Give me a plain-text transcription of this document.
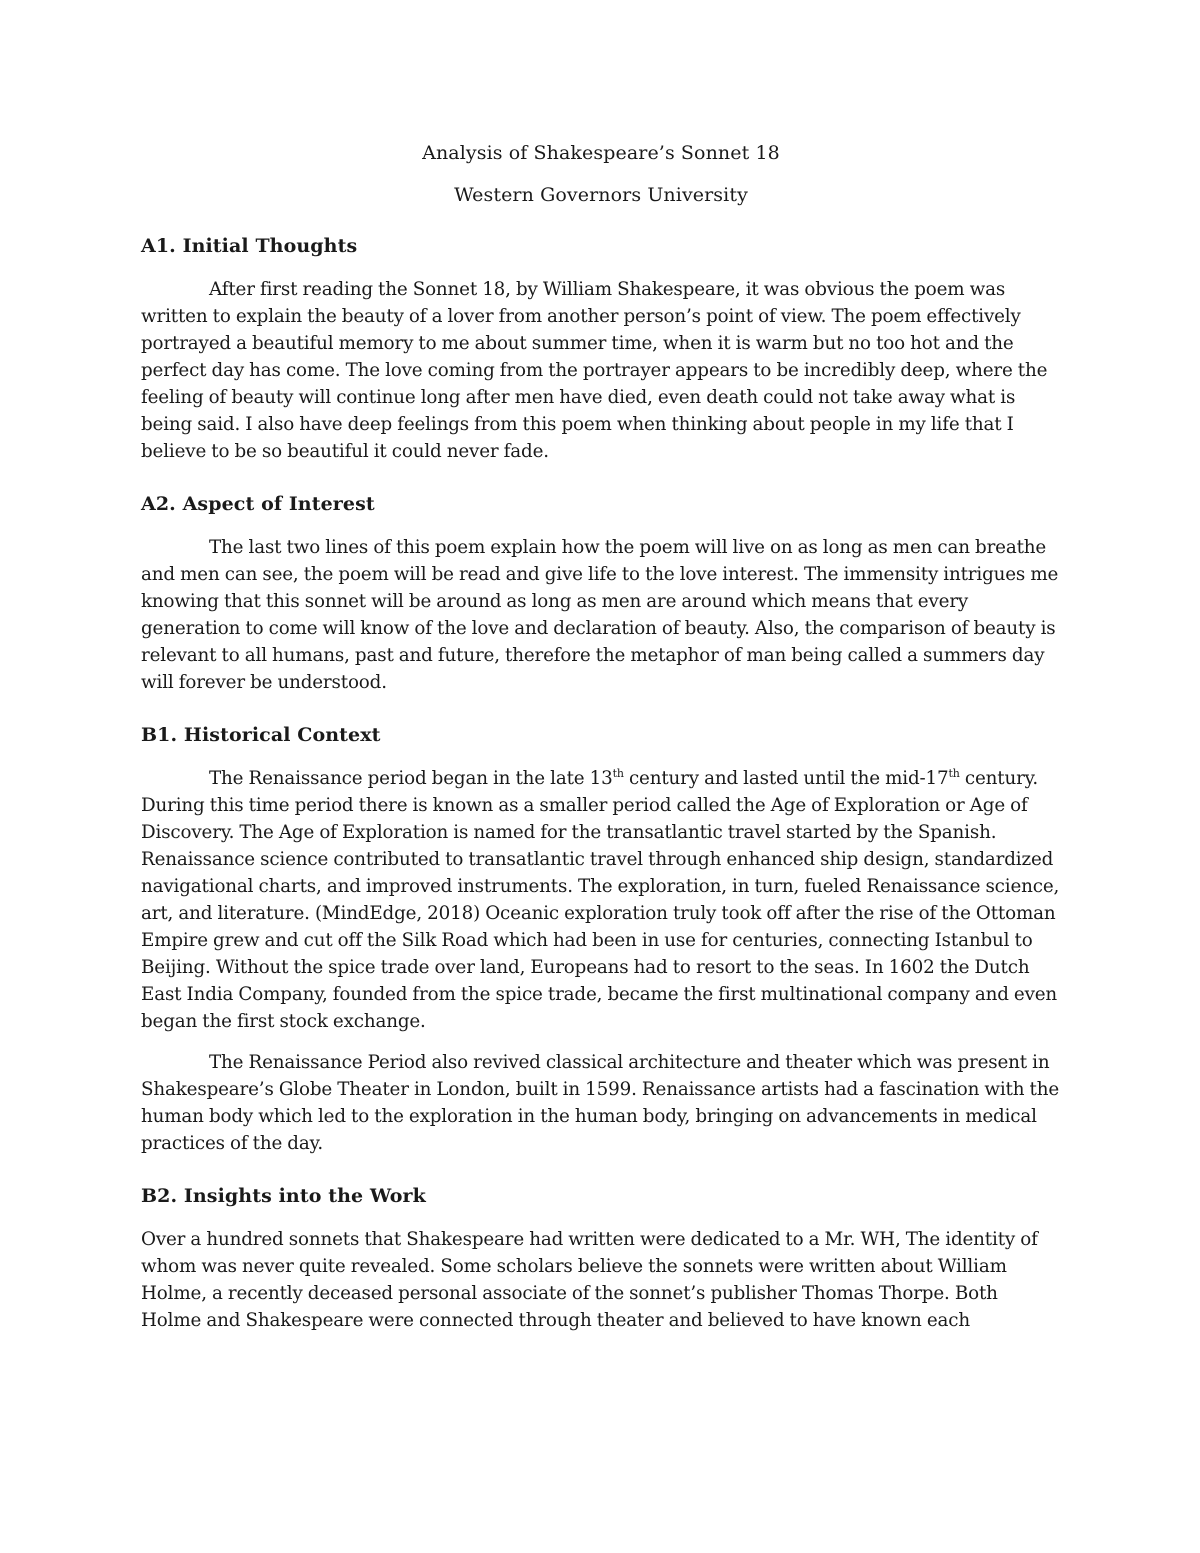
Analysis of Shakespeare’s Sonnet 18
Western Governors University
A1. Initial Thoughts

After first reading the Sonnet 18, by William Shakespeare, it was obvious the poem was written to explain the beauty of a lover from another person’s point of view. The poem effectively portrayed a beautiful memory to me about summer time, when it is warm but no too hot and the perfect day has come. The love coming from the portrayer appears to be incredibly deep, where the feeling of beauty will continue long after men have died, even death could not take away what is being said. I also have deep feelings from this poem when thinking about people in my life that I believe to be so beautiful it could never fade.

A2. Aspect of Interest

The last two lines of this poem explain how the poem will live on as long as men can breathe and men can see, the poem will be read and give life to the love interest. The immensity intrigues me knowing that this sonnet will be around as long as men are around which means that every generation to come will know of the love and declaration of beauty. Also, the comparison of beauty is relevant to all humans, past and future, therefore the metaphor of man being called a summers day will forever be understood.

B1. Historical Context

The Renaissance period began in the late 13th century and lasted until the mid-17th century. During this time period there is known as a smaller period called the Age of Exploration or Age of Discovery. The Age of Exploration is named for the transatlantic travel started by the Spanish. Renaissance science contributed to transatlantic travel through enhanced ship design, standardized navigational charts, and improved instruments. The exploration, in turn, fueled Renaissance science, art, and literature. (MindEdge, 2018) Oceanic exploration truly took off after the rise of the Ottoman Empire grew and cut off the Silk Road which had been in use for centuries, connecting Istanbul to Beijing. Without the spice trade over land, Europeans had to resort to the seas. In 1602 the Dutch East India Company, founded from the spice trade, became the first multinational company and even began the first stock exchange.

The Renaissance Period also revived classical architecture and theater which was present in Shakespeare’s Globe Theater in London, built in 1599. Renaissance artists had a fascination with the human body which led to the exploration in the human body, bringing on advancements in medical practices of the day.

B2. Insights into the Work

Over a hundred sonnets that Shakespeare had written were dedicated to a Mr. WH, The identity of whom was never quite revealed. Some scholars believe the sonnets were written about William Holme, a recently deceased personal associate of the sonnet’s publisher Thomas Thorpe. Both Holme and Shakespeare were connected through theater and believed to have known each
